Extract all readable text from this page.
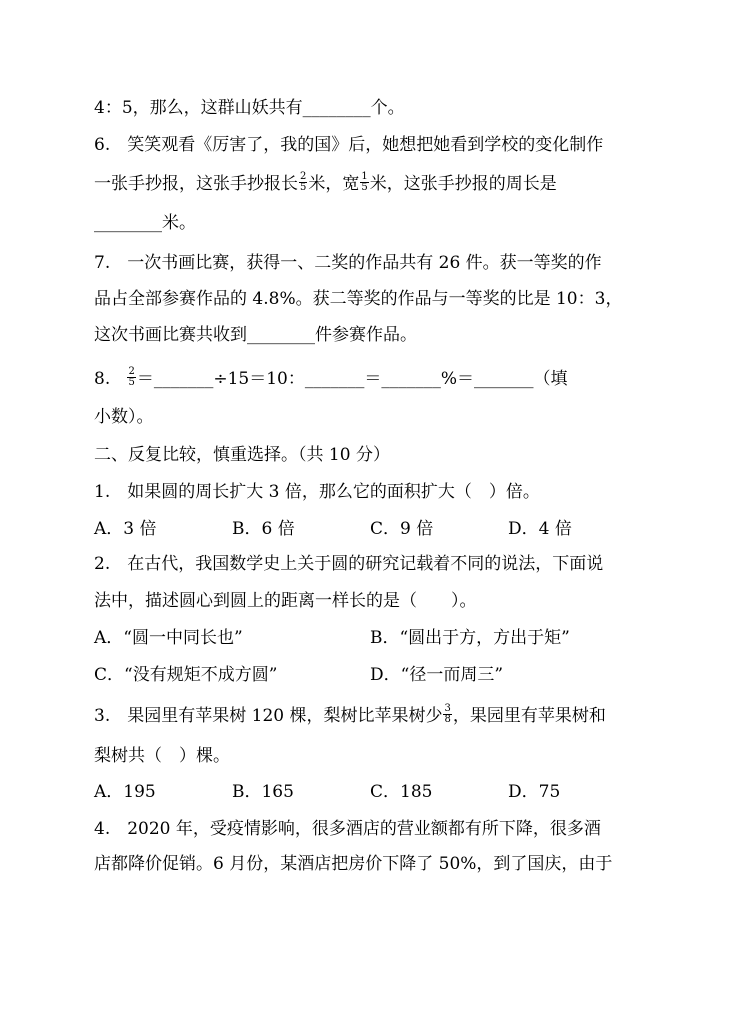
4：5，那么，这群山妖共有________个。
6.　笑笑观看《厉害了，我的国》后，她想把她看到学校的变化制作
一张手抄报，这张手抄报长 $\frac{2}{5}$ 米，宽 $\frac{1}{5}$ 米，这张手抄报的周长是
________米。
7.　一次书画比赛，获得一、二奖的作品共有 26 件。获一等奖的作
品占全部参赛作品的 4.8%。获二等奖的作品与一等奖的比是 10：3，
这次书画比赛共收到________件参赛作品。
8. $\frac{2}{5}$ ＝_______÷15＝10：_______＝_______%＝_______（填
小数）。
二、反复比较，慎重选择。（共 10 分）
1.　如果圆的周长扩大 3 倍，那么它的面积扩大（　）倍。
A．3 倍	B．6 倍	C．9 倍	D．4 倍
2.　在古代，我国数学史上关于圆的研究记载着不同的说法，下面说
法中，描述圆心到圆上的距离一样长的是（　　）。
A．“圆一中同长也”	B．“圆出于方，方出于矩”
C．“没有规矩不成方圆”	D．“径一而周三”
3.　果园里有苹果树 120 棵，梨树比苹果树少 $\frac{3}{8}$ ，果园里有苹果树和
梨树共（　）棵。
A．195	B．165	C．185	D．75
4.　2020 年，受疫情影响，很多酒店的营业额都有所下降，很多酒
店都降价促销。6 月份，某酒店把房价下降了 50%，到了国庆，由于
